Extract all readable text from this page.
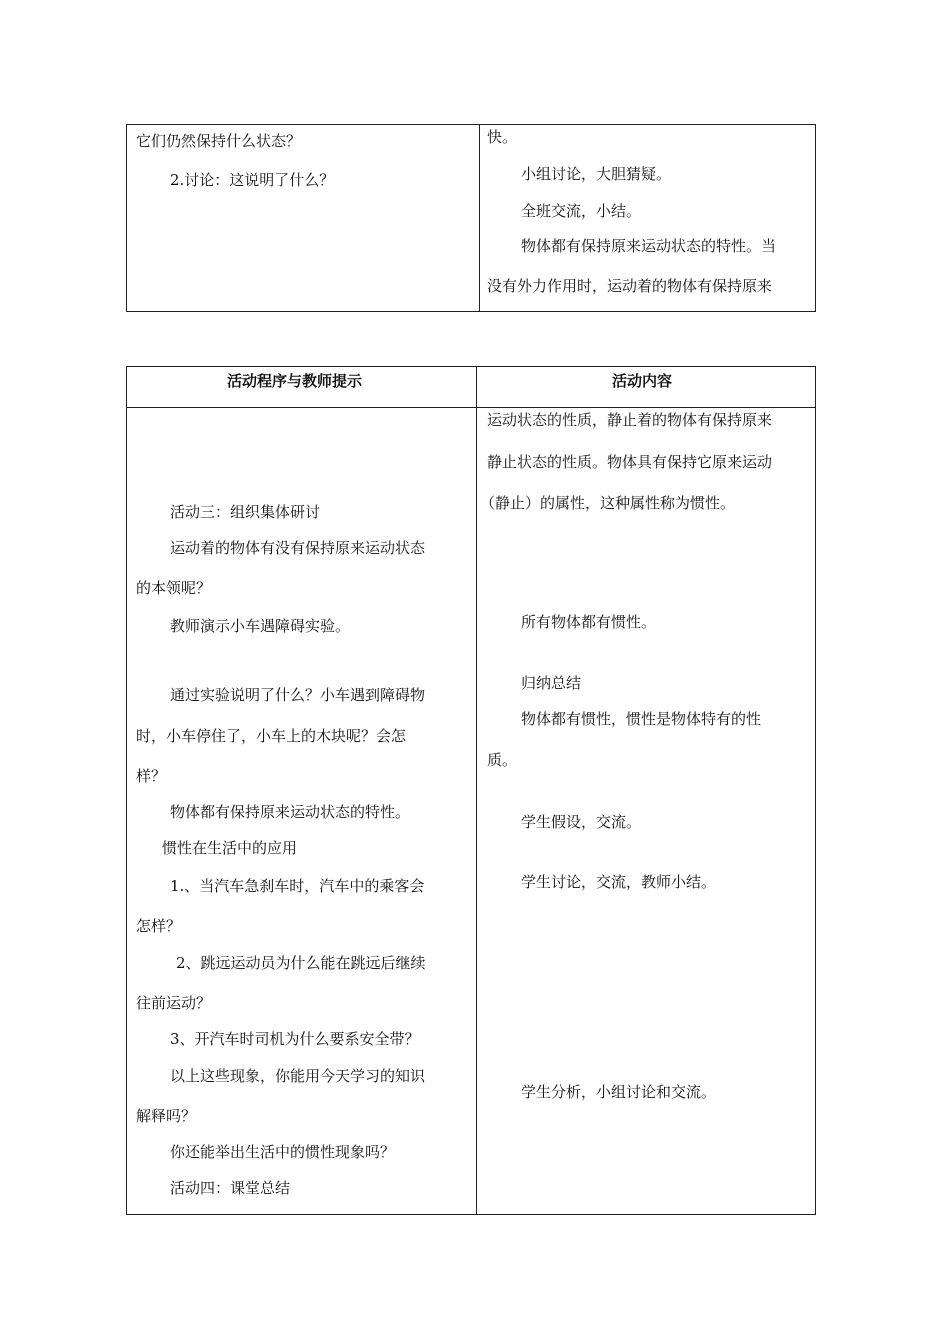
它们仍然保持什么状态？
2.讨论：这说明了什么？
快。
小组讨论，大胆猜疑。
全班交流，小结。
物体都有保持原来运动状态的特性。当
没有外力作用时，运动着的物体有保持原来
活动程序与教师提示	活动内容
活动三：组织集体研讨
运动着的物体有没有保持原来运动状态
的本领呢？
教师演示小车遇障碍实验。
通过实验说明了什么？小车遇到障碍物
时，小车停住了，小车上的木块呢？会怎
样？
物体都有保持原来运动状态的特性。
惯性在生活中的应用
1.、当汽车急刹车时，汽车中的乘客会
怎样？
2、跳远运动员为什么能在跳远后继续
往前运动？
3、开汽车时司机为什么要系安全带？
以上这些现象，你能用今天学习的知识
解释吗？
你还能举出生活中的惯性现象吗？
活动四：课堂总结
运动状态的性质，静止着的物体有保持原来
静止状态的性质。物体具有保持它原来运动
（静止）的属性，这种属性称为惯性。
所有物体都有惯性。
归纳总结
物体都有惯性，惯性是物体特有的性
质。
学生假设，交流。
学生讨论，交流，教师小结。
学生分析，小组讨论和交流。
